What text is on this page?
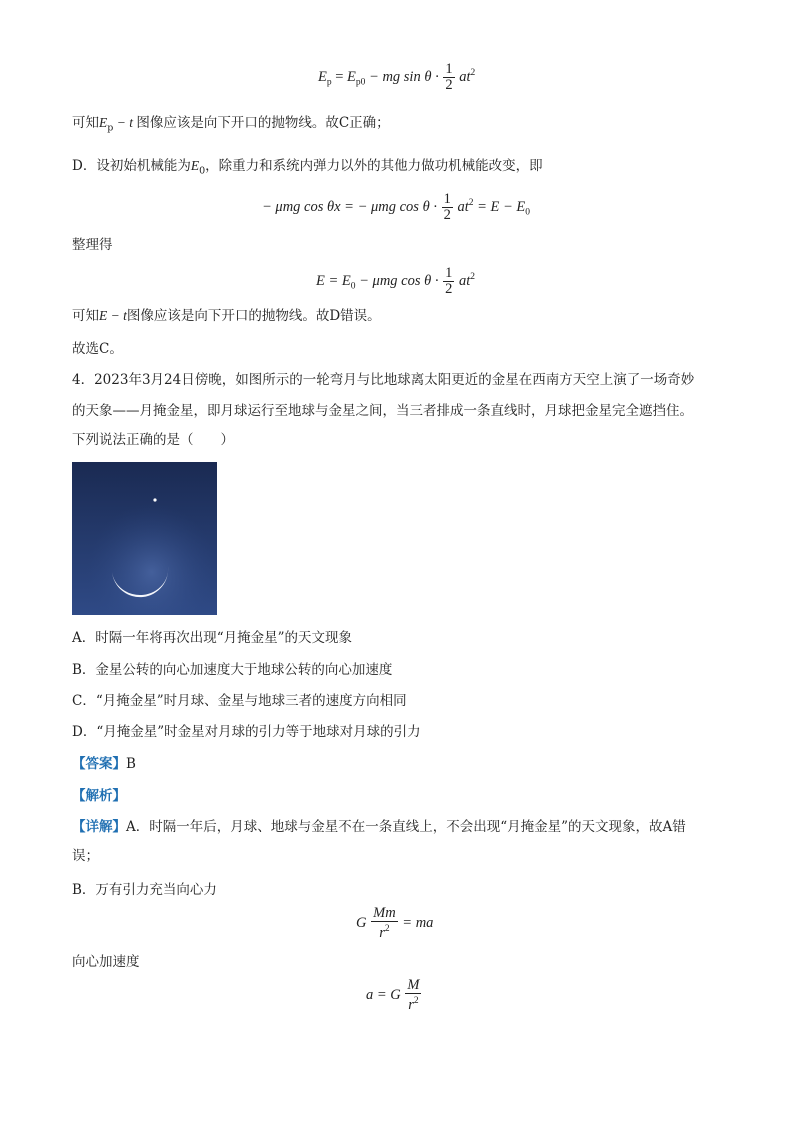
$E_p = E_{p0}$ − mg $\sin \theta \cdot \frac{1}{2} at^2$
可知$E_p - t$ 图像应该是向下开口的抛物线。故C正确；
D．设初始机械能为$E_0$，除重力和系统内弹力以外的其他力做功机械能改变，即
− μmg cos θx = − μmg $\cos \theta \cdot \frac{1}{2} at^2 = E - E_0$
整理得
$E = E_0 - \mu mg$ $\cos \theta \cdot \frac{1}{2} at^2$
可知E − t图像应该是向下开口的抛物线。故D错误。
故选C。
4．2023年3月24日傍晚，如图所示的一轮弯月与比地球离太阳更近的金星在西南方天空上演了一场奇妙
的天象——月掩金星，即月球运行至地球与金星之间，当三者排成一条直线时，月球把金星完全遮挡住。
下列说法正确的是（　　）
A．时隔一年将再次出现“月掩金星”的天文现象
B．金星公转的向心加速度大于地球公转的向心加速度
C．“月掩金星”时月球、金星与地球三者的速度方向相同
D．“月掩金星”时金星对月球的引力等于地球对月球的引力
【答案】B
【解析】
【详解】A．时隔一年后，月球、地球与金星不在一条直线上，不会出现“月掩金星”的天文现象，故A错
误；
B．万有引力充当向心力
G $\frac{Mm}{r^2}$ = ma
向心加速度
a = G $\frac{M}{r^2}$
